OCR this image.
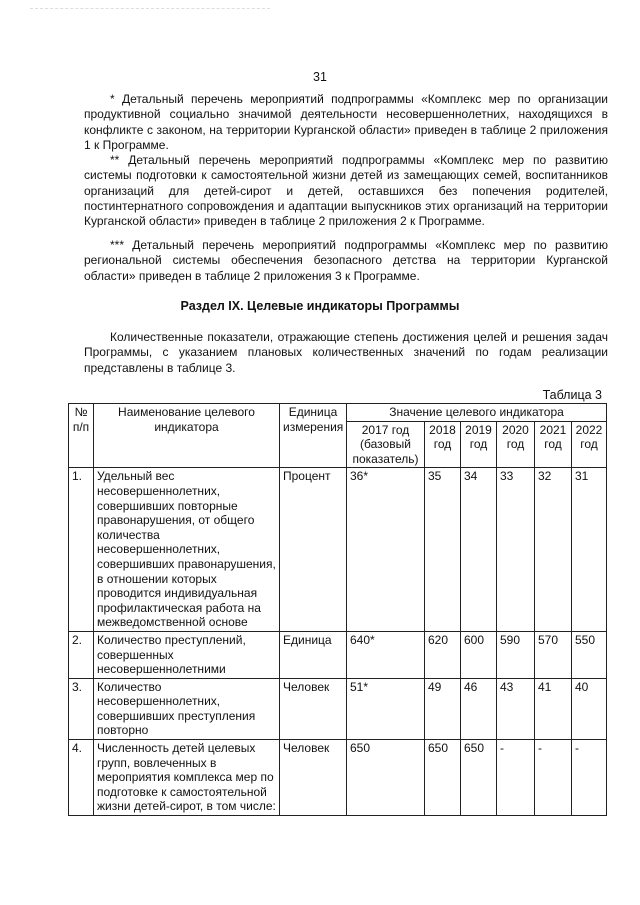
31

* Детальный перечень мероприятий подпрограммы «Комплекс мер по организации продуктивной социально значимой деятельности несовершеннолетних, находящихся в конфликте с законом, на территории Курганской области» приведен в таблице 2 приложения 1 к Программе.

** Детальный перечень мероприятий подпрограммы «Комплекс мер по развитию системы подготовки к самостоятельной жизни детей из замещающих семей, воспитанников организаций для детей-сирот и детей, оставшихся без попечения родителей, постинтернатного сопровождения и адаптации выпускников этих организаций на территории Курганской области» приведен в таблице 2 приложения 2 к Программе.

*** Детальный перечень мероприятий подпрограммы «Комплекс мер по развитию региональной системы обеспечения безопасного детства на территории Курганской области» приведен в таблице 2 приложения 3 к Программе.

Раздел IX. Целевые индикаторы Программы

Количественные показатели, отражающие степень достижения целей и решения задач Программы, с указанием плановых количественных значений по годам реализации представлены в таблице 3.

Таблица 3
№ п/п	Наименование целевого индикатора	Единица измерения	Значение целевого индикатора					
			2017 год (базовый показатель)	2018 год	2019 год	2020 год	2021 год	2022 год
1.	Удельный вес несовершеннолетних, совершивших повторные правонарушения, от общего количества несовершеннолетних, совершивших правонарушения, в отношении которых проводится индивидуальная профилактическая работа на межведомственной основе	Процент	36*	35	34	33	32	31
2.	Количество преступлений, совершенных несовершеннолетними	Единица	640*	620	600	590	570	550
3.	Количество несовершеннолетних, совершивших преступления повторно	Человек	51*	49	46	43	41	40
4.	Численность детей целевых групп, вовлеченных в мероприятия комплекса мер по подготовке к самостоятельной жизни детей-сирот, в том числе:	Человек	650	650	650	-	-	-
